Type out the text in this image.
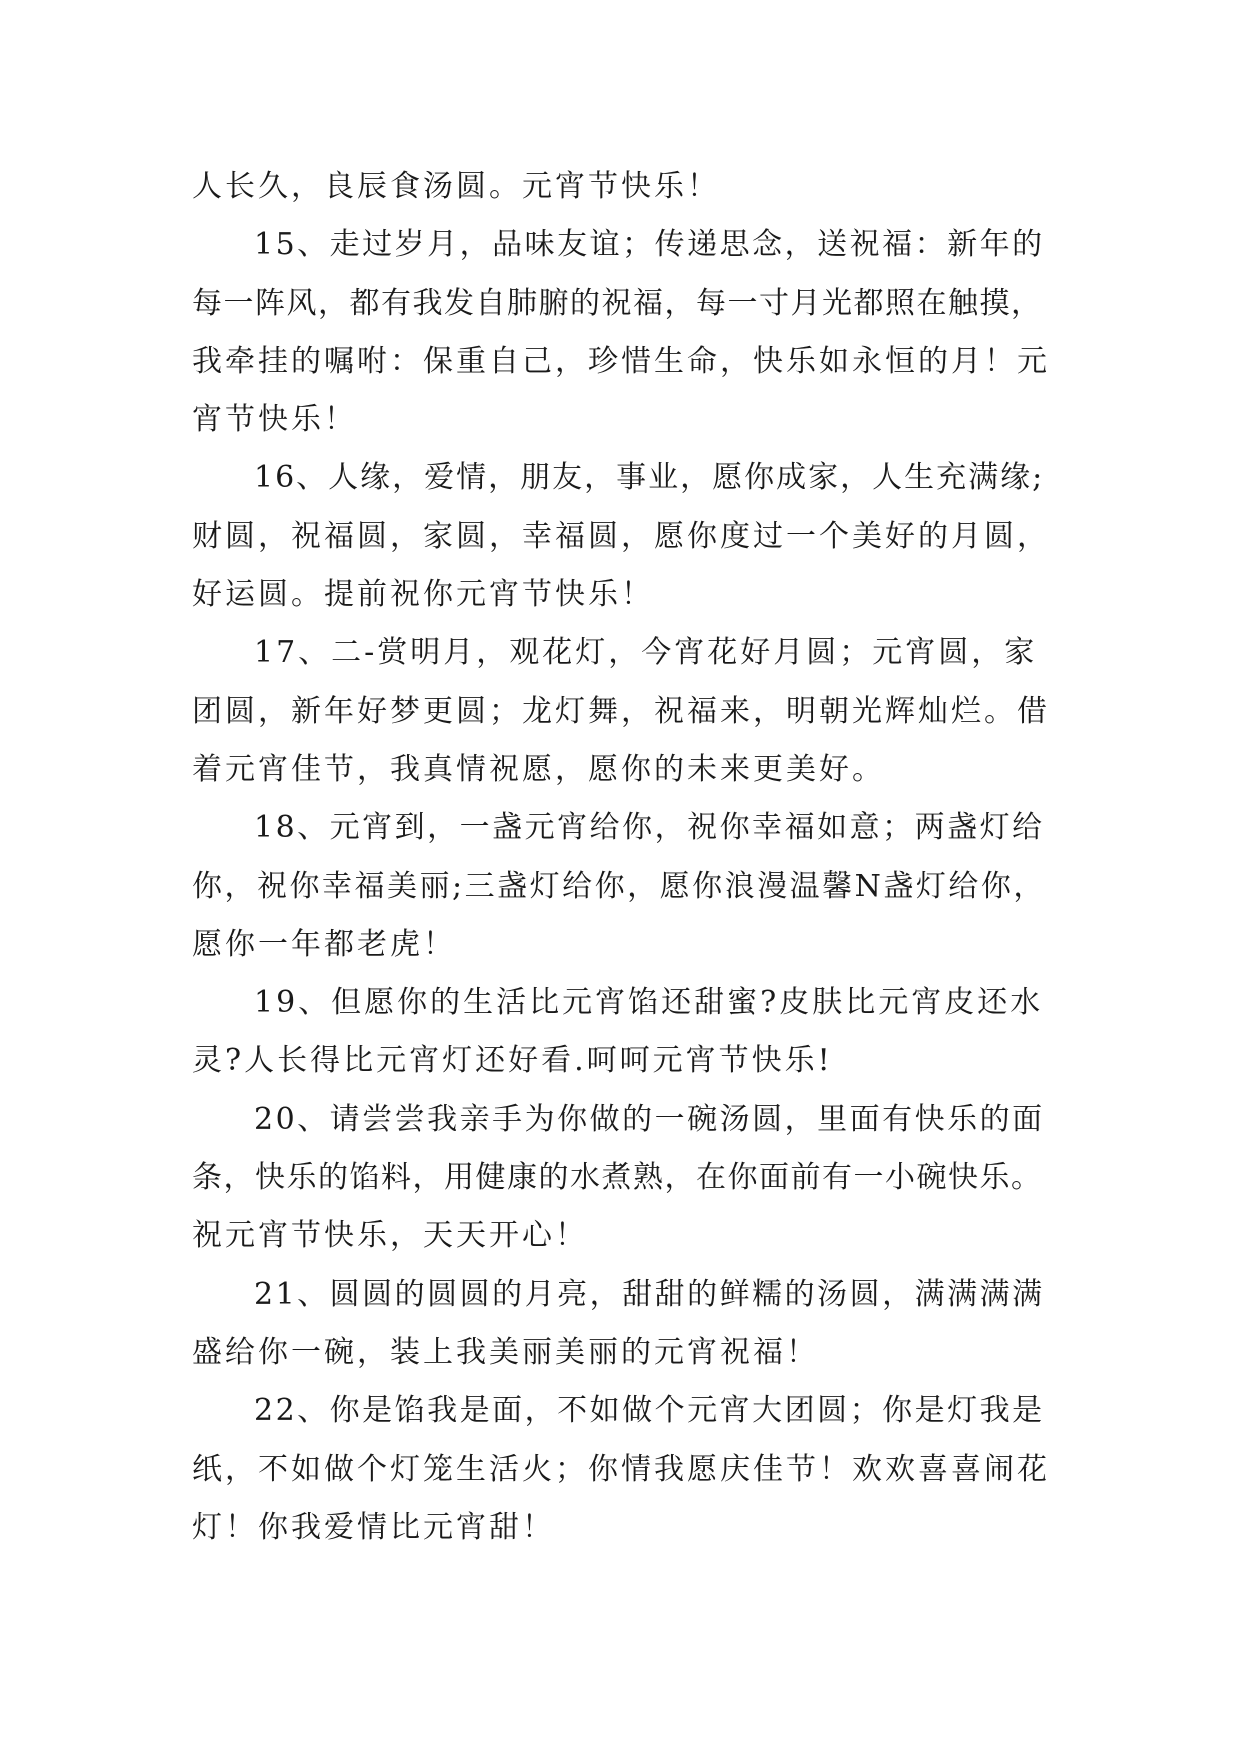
人长久，良辰食汤圆。元宵节快乐！
15、走过岁月，品味友谊；传递思念，送祝福：新年的
每一阵风，都有我发自肺腑的祝福，每一寸月光都照在触摸，
我牵挂的嘱咐：保重自己，珍惜生命，快乐如永恒的月！元
宵节快乐！
16、人缘，爱情，朋友，事业，愿你成家，人生充满缘;
财圆，祝福圆，家圆，幸福圆，愿你度过一个美好的月圆，
好运圆。提前祝你元宵节快乐！
17、二-赏明月，观花灯，今宵花好月圆；元宵圆，家
团圆，新年好梦更圆；龙灯舞，祝福来，明朝光辉灿烂。借
着元宵佳节，我真情祝愿，愿你的未来更美好。
18、元宵到，一盏元宵给你，祝你幸福如意；两盏灯给
你，祝你幸福美丽;三盏灯给你，愿你浪漫温馨N盏灯给你，
愿你一年都老虎！
19、但愿你的生活比元宵馅还甜蜜?皮肤比元宵皮还水
灵?人长得比元宵灯还好看.呵呵元宵节快乐!
20、请尝尝我亲手为你做的一碗汤圆，里面有快乐的面
条，快乐的馅料，用健康的水煮熟，在你面前有一小碗快乐。
祝元宵节快乐，天天开心！
21、圆圆的圆圆的月亮，甜甜的鲜糯的汤圆，满满满满
盛给你一碗，装上我美丽美丽的元宵祝福！
22、你是馅我是面，不如做个元宵大团圆；你是灯我是
纸，不如做个灯笼生活火；你情我愿庆佳节！欢欢喜喜闹花
灯！你我爱情比元宵甜！
